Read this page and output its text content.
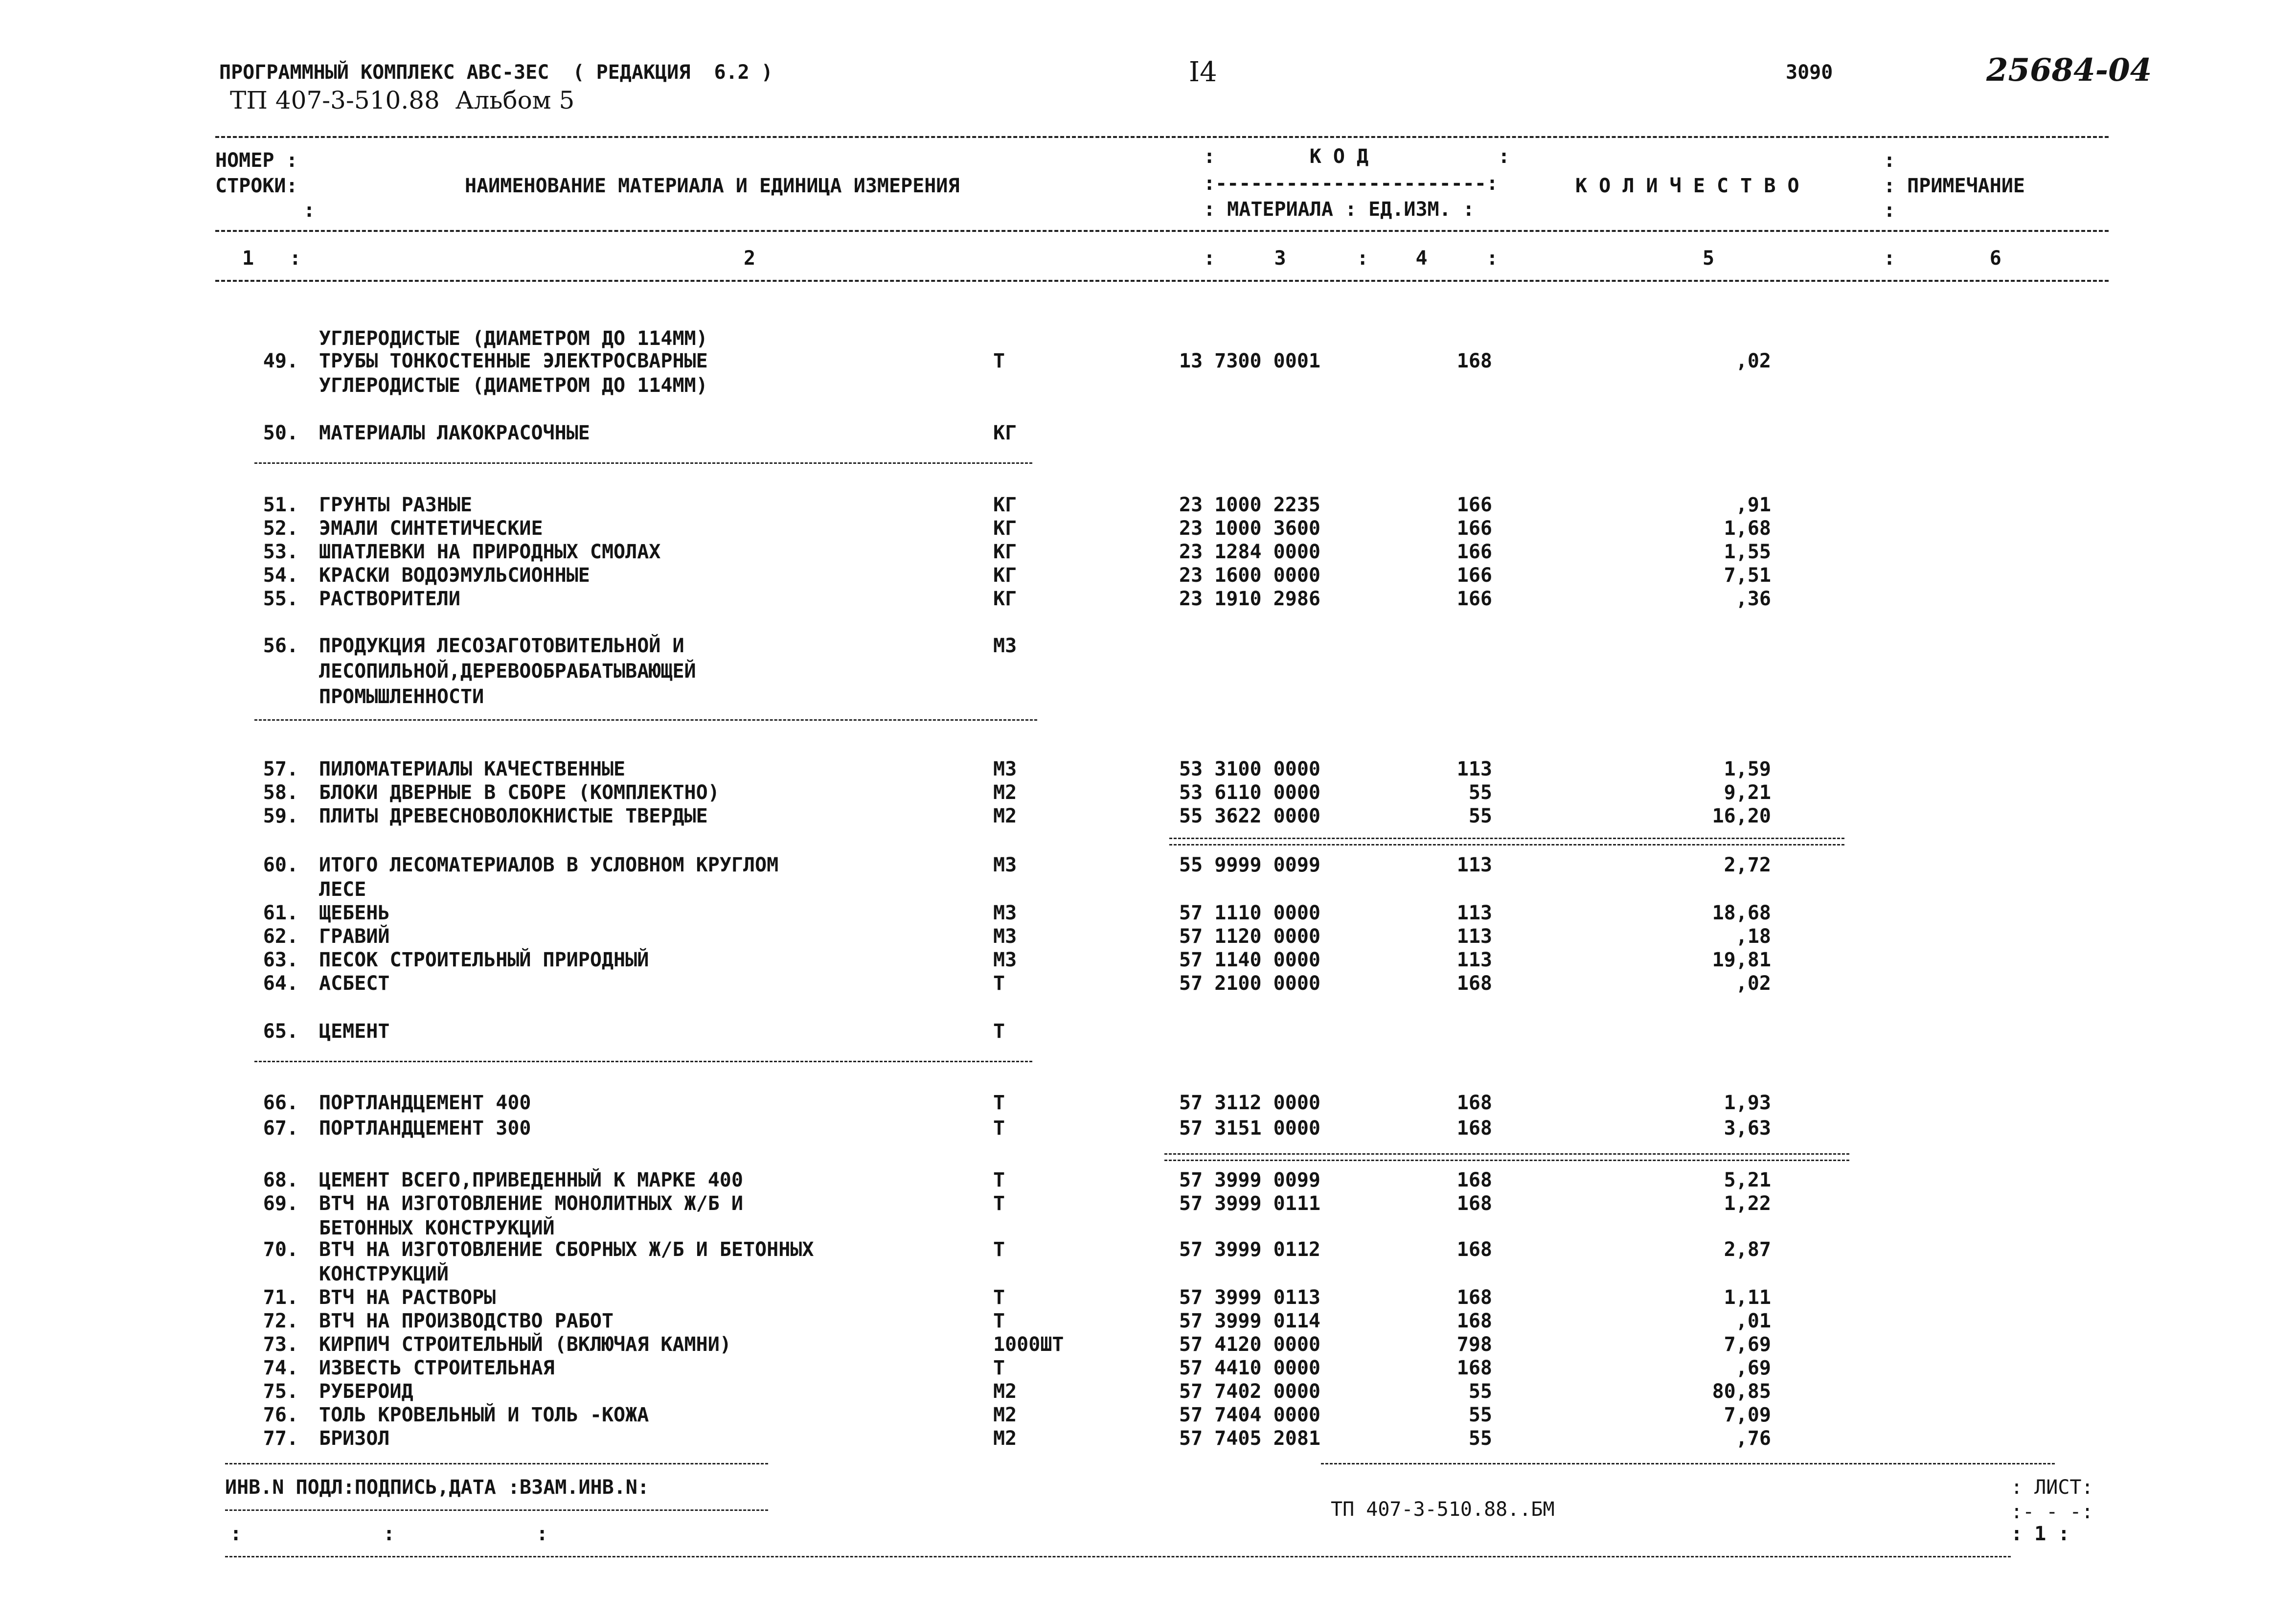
ПРОГРАММНЫЙ КОМПЛЕКС АВС-ЗЕС  ( РЕДАКЦИЯ  6.2 )
ТП 407-3-510.88  Альбом 5
I4	3090	25684-04
НОМЕР :
СТРОКИ:
:
НАИМЕНОВАНИЕ МАТЕРИАЛА И ЕДИНИЦА ИЗМЕРЕНИЯ
:        К О Д           :
:-----------------------:
: МАТЕРИАЛА : ЕД.ИЗМ. :
К О Л И Ч Е С Т В О
:
: ПРИМЕЧАНИЕ
:
1   :	2	:     3      :    4     :	5	:        6
УГЛЕРОДИСТЫЕ (ДИАМЕТРОМ ДО 114ММ)
49. ТРУБЫ ТОНКОСТЕННЫЕ ЭЛЕКТРОСВАРНЫЕ	Т	13 7300 0001	168	,02
УГЛЕРОДИСТЫЕ (ДИАМЕТРОМ ДО 114ММ)
50. МАТЕРИАЛЫ ЛАКОКРАСОЧНЫЕ	КГ
51. ГРУНТЫ РАЗНЫЕ	КГ	23 1000 2235	166	,91
52. ЭМАЛИ СИНТЕТИЧЕСКИЕ	КГ	23 1000 3600	166	1,68
53. ШПАТЛЕВКИ НА ПРИРОДНЫХ СМОЛАХ	КГ	23 1284 0000	166	1,55
54. КРАСКИ ВОДОЭМУЛЬСИОННЫЕ	КГ	23 1600 0000	166	7,51
55. РАСТВОРИТЕЛИ	КГ	23 1910 2986	166	,36
56. ПРОДУКЦИЯ ЛЕСОЗАГОТОВИТЕЛЬНОЙ И	М3
ЛЕСОПИЛЬНОЙ,ДЕРЕВООБРАБАТЫВАЮЩЕЙ
ПРОМЫШЛЕННОСТИ
57. ПИЛОМАТЕРИАЛЫ КАЧЕСТВЕННЫЕ	М3	53 3100 0000	113	1,59
58. БЛОКИ ДВЕРНЫЕ В СБОРЕ (КОМПЛЕКТНО)	М2	53 6110 0000	55	9,21
59. ПЛИТЫ ДРЕВЕСНОВОЛОКНИСТЫЕ ТВЕРДЫЕ	М2	55 3622 0000	55	16,20
60. ИТОГО ЛЕСОМАТЕРИАЛОВ В УСЛОВНОМ КРУГЛОМ	М3	55 9999 0099	113	2,72
ЛЕСЕ
61. ЩЕБЕНЬ	М3	57 1110 0000	113	18,68
62. ГРАВИЙ	М3	57 1120 0000	113	,18
63. ПЕСОК СТРОИТЕЛЬНЫЙ ПРИРОДНЫЙ	М3	57 1140 0000	113	19,81
64. АСБЕСТ	Т	57 2100 0000	168	,02
65. ЦЕМЕНТ	Т
66. ПОРТЛАНДЦЕМЕНТ 400	Т	57 3112 0000	168	1,93
67. ПОРТЛАНДЦЕМЕНТ 300	Т	57 3151 0000	168	3,63
68. ЦЕМЕНТ ВСЕГО,ПРИВЕДЕННЫЙ К МАРКЕ 400	Т	57 3999 0099	168	5,21
69. ВТЧ НА ИЗГОТОВЛЕНИЕ МОНОЛИТНЫХ Ж/Б И	Т	57 3999 0111	168	1,22
БЕТОННЫХ КОНСТРУКЦИЙ
70. ВТЧ НА ИЗГОТОВЛЕНИЕ СБОРНЫХ Ж/Б И БЕТОННЫХ	Т	57 3999 0112	168	2,87
КОНСТРУКЦИЙ
71. ВТЧ НА РАСТВОРЫ	Т	57 3999 0113	168	1,11
72. ВТЧ НА ПРОИЗВОДСТВО РАБОТ	Т	57 3999 0114	168	,01
73. КИРПИЧ СТРОИТЕЛЬНЫЙ (ВКЛЮЧАЯ КАМНИ)	1000ШТ	57 4120 0000	798	7,69
74. ИЗВЕСТЬ СТРОИТЕЛЬНАЯ	Т	57 4410 0000	168	,69
75. РУБЕРОИД	М2	57 7402 0000	55	80,85
76. ТОЛЬ КРОВЕЛЬНЫЙ И ТОЛЬ -КОЖА	М2	57 7404 0000	55	7,09
77. БРИЗОЛ	М2	57 7405 2081	55	,76
ИНВ.N ПОДЛ:ПОДПИСЬ,ДАТА :ВЗАМ.ИНВ.N:
:            :            :
ТП 407-3-510.88..БМ
: ЛИСТ:
:- - -:
: 1 :
